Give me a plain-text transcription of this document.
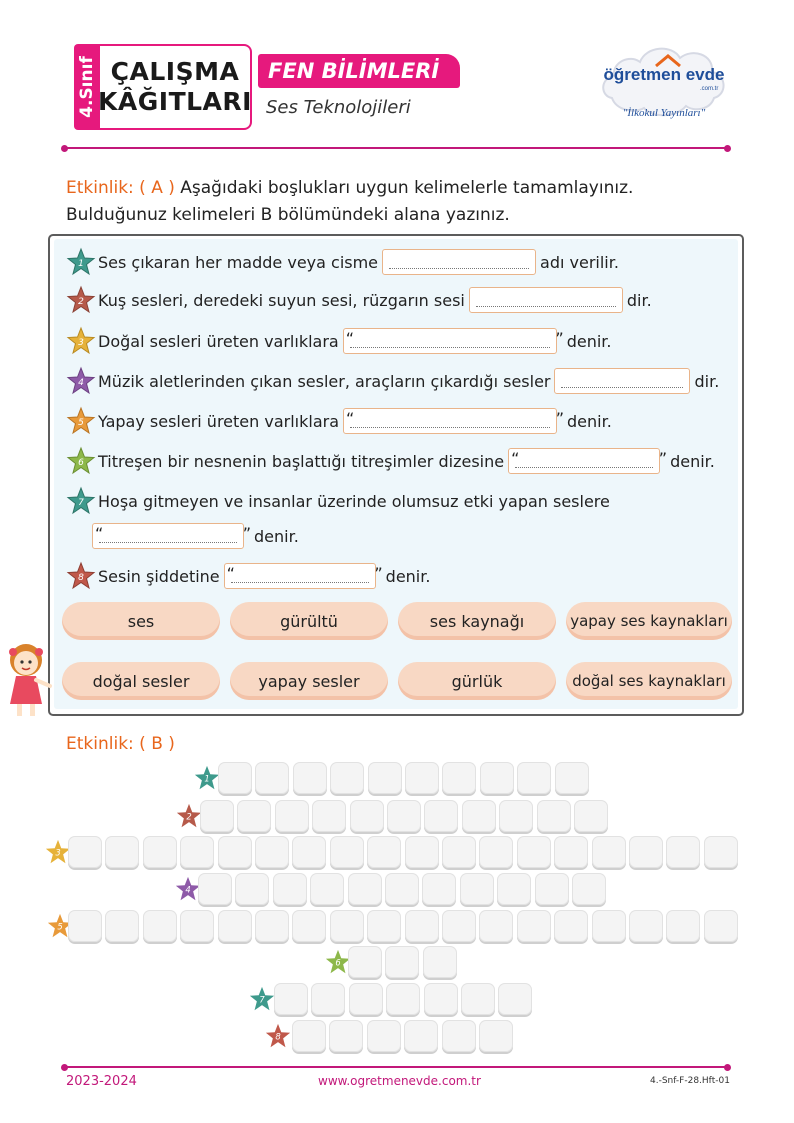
4.Sınıf ÇALIŞMA
KÂĞITLARI
FEN BİLİMLERİ
Ses Teknolojileri
öğretmen evde
.com.tr
"İlkokul Yayınları"
Etkinlik: ( A ) Aşağıdaki boşlukları uygun kelimelerle tamamlayınız. Bulduğunuz kelimeleri B bölümündeki alana yazınız.
1 Ses çıkaran her madde veya cisme	adı verilir.
2 Kuş sesleri, deredeki suyun sesi, rüzgarın sesi	dir.
3 Doğal sesleri üreten varlıklara “	” denir.
4 Müzik aletlerinden çıkan sesler, araçların çıkardığı sesler	dir.
5 Yapay sesleri üreten varlıklara “	” denir.
6 Titreşen bir nesnenin başlattığı titreşimler dizesine “	” denir.
7 Hoşa gitmeyen ve insanlar üzerinde olumsuz etki yapan seslere
“	” denir.
8 Sesin şiddetine “	” denir.
ses	gürültü	ses kaynağı	yapay ses kaynakları
doğal sesler	yapay sesler	gürlük	doğal ses kaynakları
Etkinlik: ( B )
1
2
3
4
5
6
7
8
2023-2024	www.ogretmenevde.com.tr	4.-Snf-F-28.Hft-01
